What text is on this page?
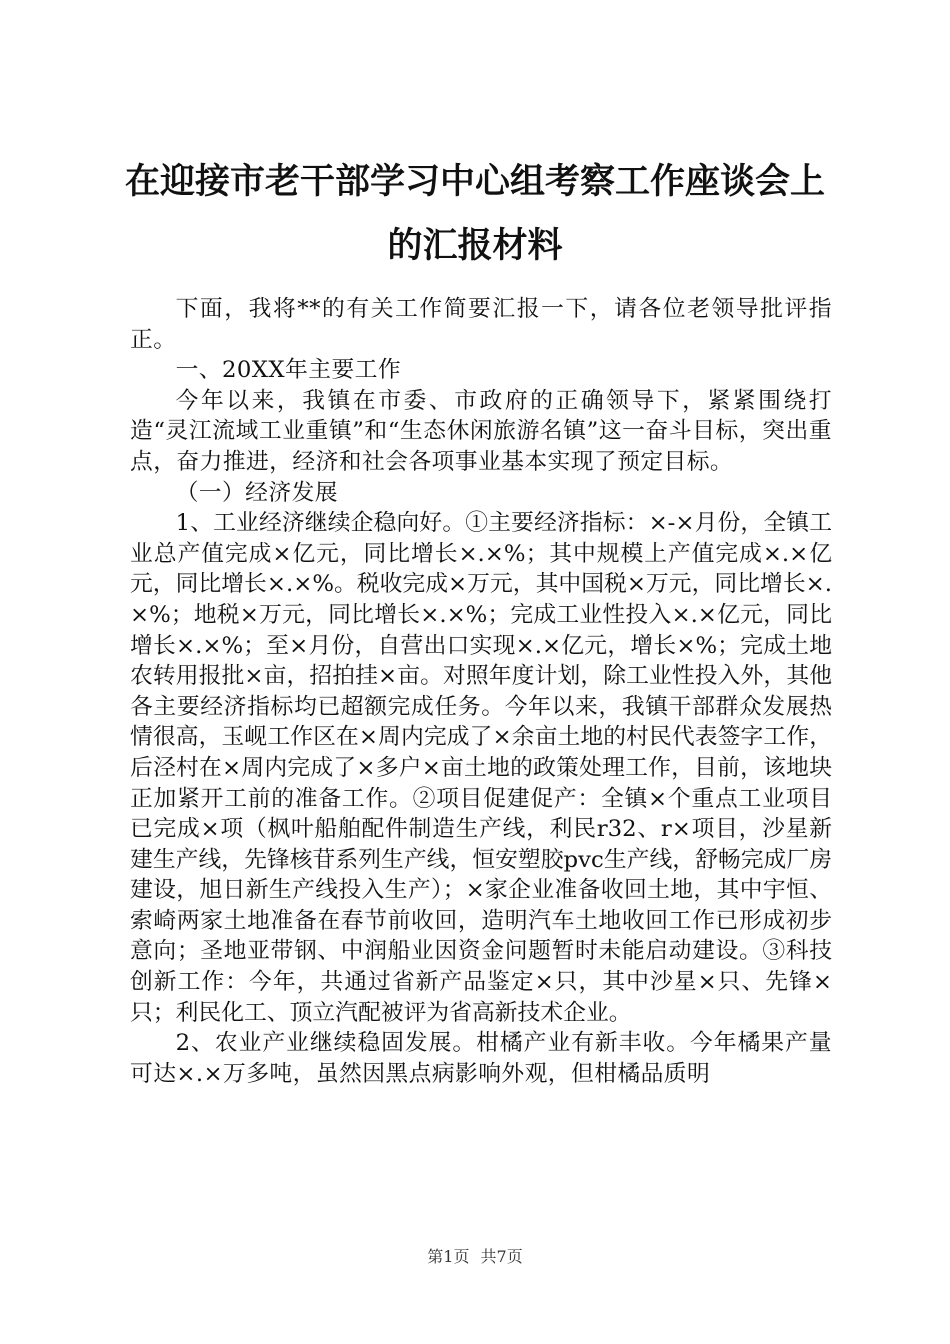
在迎接市老干部学习中心组考察工作座谈会上的汇报材料

下面，我将**的有关工作简要汇报一下，请各位老领导批评指正。

一、20XX年主要工作

今年以来，我镇在市委、市政府的正确领导下，紧紧围绕打造“灵江流域工业重镇”和“生态休闲旅游名镇”这一奋斗目标，突出重点，奋力推进，经济和社会各项事业基本实现了预定目标。

（一）经济发展

1、工业经济继续企稳向好。①主要经济指标：×-×月份，全镇工业总产值完成×亿元，同比增长×.×%；其中规模上产值完成×.×亿元，同比增长×.×%。税收完成×万元，其中国税×万元，同比增长×.×%；地税×万元，同比增长×.×%；完成工业性投入×.×亿元，同比增长×.×%；至×月份，自营出口实现×.×亿元，增长×%；完成土地农转用报批×亩，招拍挂×亩。对照年度计划，除工业性投入外，其他各主要经济指标均已超额完成任务。今年以来，我镇干部群众发展热情很高，玉岘工作区在×周内完成了×余亩土地的村民代表签字工作，后泾村在×周内完成了×多户×亩土地的政策处理工作，目前，该地块正加紧开工前的准备工作。②项目促建促产：全镇×个重点工业项目已完成×项（枫叶船舶配件制造生产线，利民r32、r×项目，沙星新建生产线，先锋核苷系列生产线，恒安塑胶pvc生产线，舒畅完成厂房建设，旭日新生产线投入生产）；×家企业准备收回土地，其中宇恒、索崎两家土地准备在春节前收回，造明汽车土地收回工作已形成初步意向；圣地亚带钢、中润船业因资金问题暂时未能启动建设。③科技创新工作：今年，共通过省新产品鉴定×只，其中沙星×只、先锋×只；利民化工、顶立汽配被评为省高新技术企业。

2、农业产业继续稳固发展。柑橘产业有新丰收。今年橘果产量可达×.×万多吨，虽然因黑点病影响外观，但柑橘品质明

第1页 共7页
